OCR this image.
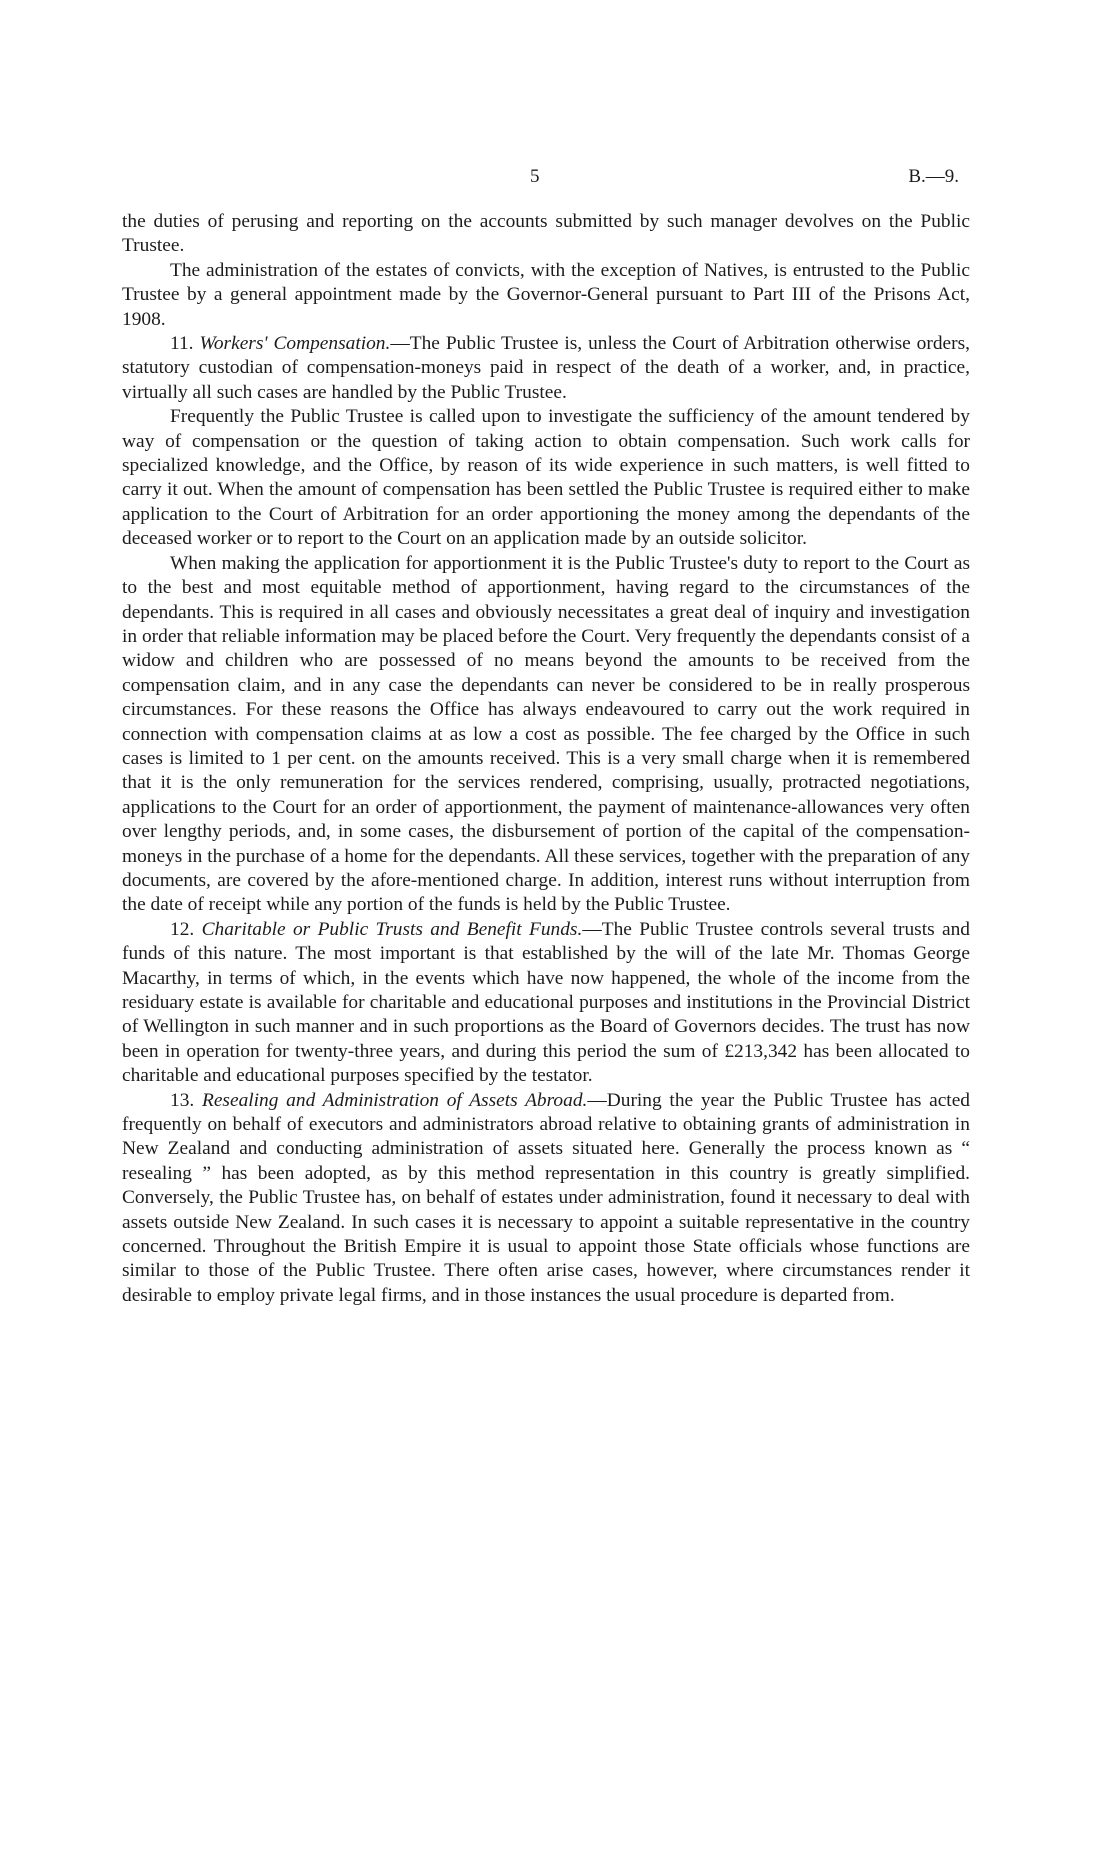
5	B.—9.

the duties of perusing and reporting on the accounts submitted by such manager devolves on the Public Trustee.

The administration of the estates of convicts, with the exception of Natives, is entrusted to the Public Trustee by a general appointment made by the Governor-General pursuant to Part III of the Prisons Act, 1908.

11. Workers' Compensation.—The Public Trustee is, unless the Court of Arbitration otherwise orders, statutory custodian of compensation-moneys paid in respect of the death of a worker, and, in practice, virtually all such cases are handled by the Public Trustee.

Frequently the Public Trustee is called upon to investigate the sufficiency of the amount tendered by way of compensation or the question of taking action to obtain compensation. Such work calls for specialized knowledge, and the Office, by reason of its wide experience in such matters, is well fitted to carry it out. When the amount of compensation has been settled the Public Trustee is required either to make application to the Court of Arbitration for an order apportioning the money among the dependants of the deceased worker or to report to the Court on an application made by an outside solicitor.

When making the application for apportionment it is the Public Trustee's duty to report to the Court as to the best and most equitable method of apportionment, having regard to the circumstances of the dependants. This is required in all cases and obviously necessitates a great deal of inquiry and investigation in order that reliable information may be placed before the Court. Very frequently the dependants consist of a widow and children who are possessed of no means beyond the amounts to be received from the compensation claim, and in any case the dependants can never be considered to be in really prosperous circumstances. For these reasons the Office has always endeavoured to carry out the work required in connection with compensation claims at as low a cost as possible. The fee charged by the Office in such cases is limited to 1 per cent. on the amounts received. This is a very small charge when it is remembered that it is the only remuneration for the services rendered, comprising, usually, protracted negotiations, applications to the Court for an order of apportionment, the payment of maintenance-allowances very often over lengthy periods, and, in some cases, the disbursement of portion of the capital of the compensation-moneys in the purchase of a home for the dependants. All these services, together with the preparation of any documents, are covered by the afore-mentioned charge. In addition, interest runs without interruption from the date of receipt while any portion of the funds is held by the Public Trustee.

12. Charitable or Public Trusts and Benefit Funds.—The Public Trustee controls several trusts and funds of this nature. The most important is that established by the will of the late Mr. Thomas George Macarthy, in terms of which, in the events which have now happened, the whole of the income from the residuary estate is available for charitable and educational purposes and institutions in the Provincial District of Wellington in such manner and in such proportions as the Board of Governors decides. The trust has now been in operation for twenty-three years, and during this period the sum of £213,342 has been allocated to charitable and educational purposes specified by the testator.

13. Resealing and Administration of Assets Abroad.—During the year the Public Trustee has acted frequently on behalf of executors and administrators abroad relative to obtaining grants of administration in New Zealand and conducting administration of assets situated here. Generally the process known as “ resealing ” has been adopted, as by this method representation in this country is greatly simplified. Conversely, the Public Trustee has, on behalf of estates under administration, found it necessary to deal with assets outside New Zealand. In such cases it is necessary to appoint a suitable representative in the country concerned. Throughout the British Empire it is usual to appoint those State officials whose functions are similar to those of the Public Trustee. There often arise cases, however, where circumstances render it desirable to employ private legal firms, and in those instances the usual procedure is departed from.
